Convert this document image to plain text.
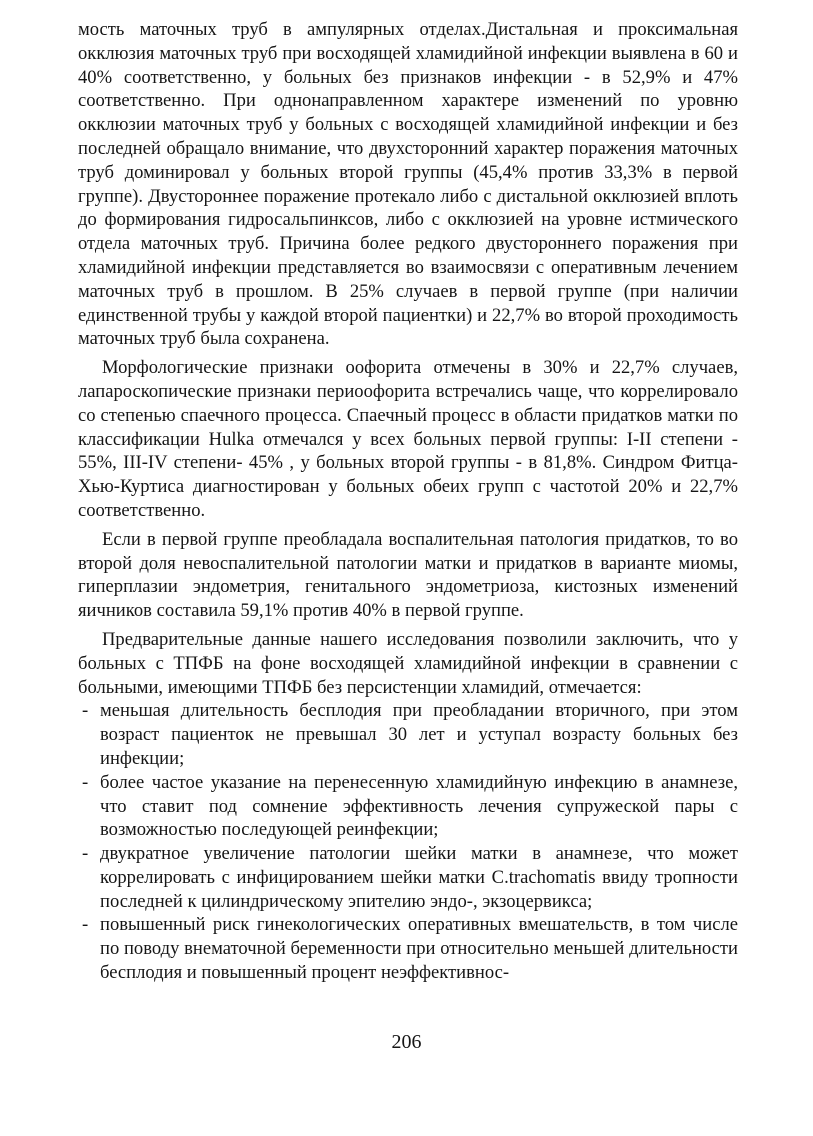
мость маточных труб в ампулярных отделах.Дистальная и проксимальная окклюзия маточных труб при восходящей хламидийной инфекции выявлена в 60 и 40% соответственно, у больных без признаков инфекции - в 52,9% и 47% соответственно. При однонаправленном характере изменений по уровню окклюзии маточных труб у больных с восходящей хламидийной инфекции и без последней обращало внимание, что двухсторонний характер поражения маточных труб доминировал у больных второй группы (45,4% против 33,3% в первой группе). Двустороннее поражение протекало либо с дистальной окклюзией вплоть до формирования гидросальпинксов, либо с окклюзией на уровне истмического отдела маточных труб. Причина более редкого двустороннего поражения при хламидийной инфекции представляется во взаимосвязи с оперативным лечением маточных труб в прошлом. В 25% случаев в первой группе (при наличии единственной трубы у каждой второй пациентки) и 22,7% во второй проходимость маточных труб была сохранена.

Морфологические признаки оофорита отмечены в 30% и 22,7% случаев, лапароскопические признаки периоофорита встречались чаще, что коррелировало со степенью спаечного процесса. Спаечный процесс в области придатков матки по классификации Hulka отмечался у всех больных первой группы: I-II степени - 55%, III-IV степени- 45% , у больных второй группы - в 81,8%. Синдром Фитца-Хью-Куртиса диагностирован у больных обеих групп с частотой 20% и 22,7% соответственно.

Если в первой группе преобладала воспалительная патология придатков, то во второй доля невоспалительной патологии матки и придатков в варианте миомы, гиперплазии эндометрия, генитального эндометриоза, кистозных изменений яичников составила 59,1% против 40% в первой группе.

Предварительные данные нашего исследования позволили заключить, что у больных с ТПФБ на фоне восходящей хламидийной инфекции в сравнении с больными, имеющими ТПФБ без персистенции хламидий, отмечается:

- меньшая длительность бесплодия при преобладании вторичного, при этом возраст пациенток не превышал 30 лет и уступал возрасту больных без инфекции;
- более частое указание на перенесенную хламидийную инфекцию в анамнезе, что ставит под сомнение эффективность лечения супружеской пары с возможностью последующей реинфекции;
- двукратное увеличение патологии шейки матки в анамнезе, что может коррелировать с инфицированием шейки матки C.trachomatis ввиду тропности последней к цилиндрическому эпителию эндо-, экзоцервикса;
- повышенный риск гинекологических оперативных вмешательств, в том числе по поводу внематочной беременности при относительно меньшей длительности бесплодия и повышенный процент неэффективнос-
206
